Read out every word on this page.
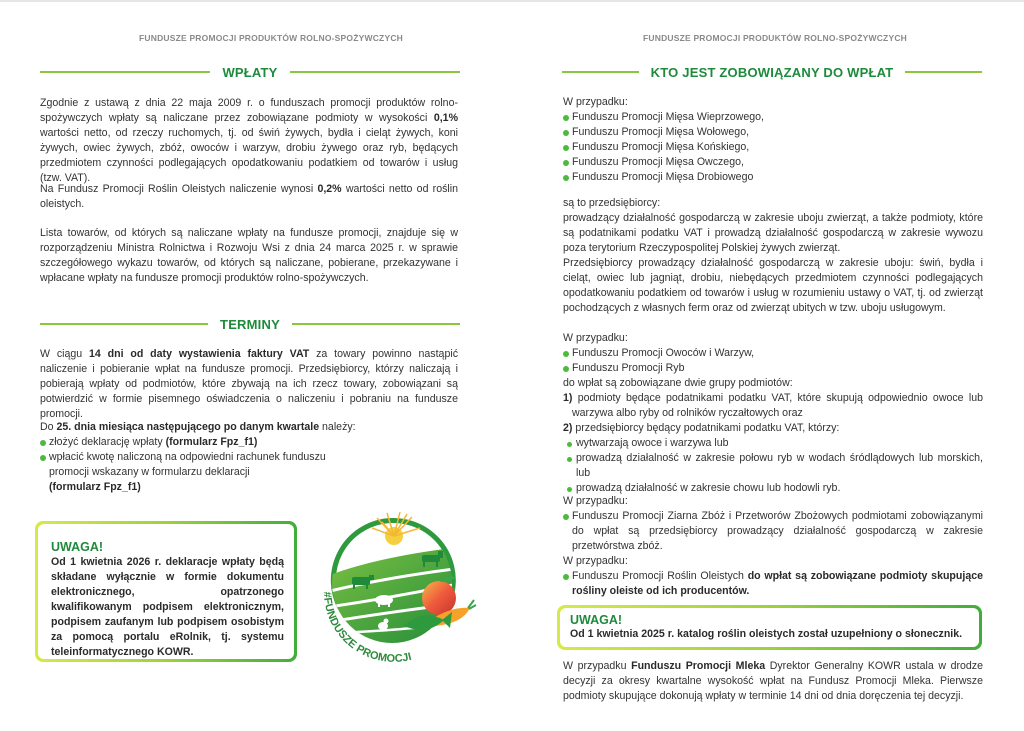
FUNDUSZE PROMOCJI PRODUKTÓW ROLNO-SPOŻYWCZYCH
WPŁATY
Zgodnie z ustawą z dnia 22 maja 2009 r. o funduszach promocji produktów rolno-spożywczych wpłaty są naliczane przez zobowiązane podmioty w wysokości 0,1% wartości netto, od rzeczy ruchomych, tj. od świń żywych, bydła i cieląt żywych, koni żywych, owiec żywych, zbóż, owoców i warzyw, drobiu żywego oraz ryb, będących przedmiotem czynności podlegających opodatkowaniu podatkiem od towarów i usług (tzw. VAT).
Na Fundusz Promocji Roślin Oleistych naliczenie wynosi 0,2% wartości netto od roślin oleistych.
Lista towarów, od których są naliczane wpłaty na fundusze promocji, znajduje się w rozporządzeniu Ministra Rolnictwa i Rozwoju Wsi z dnia 24 marca 2025 r. w sprawie szczegółowego wykazu towarów, od których są naliczane, pobierane, przekazywane i wpłacane wpłaty na fundusze promocji produktów rolno-spożywczych.
TERMINY
W ciągu 14 dni od daty wystawienia faktury VAT za towary powinno nastąpić naliczenie i pobieranie wpłat na fundusze promocji. Przedsiębiorcy, którzy naliczają i pobierają wpłaty od podmiotów, które zbywają na ich rzecz towary, zobowiązani są potwierdzić w formie pisemnego oświadczenia o naliczeniu i pobraniu na fundusze promocji.
Do 25. dnia miesiąca następującego po danym kwartale należy:
złożyć deklarację wpłaty (formularz Fpz_f1)
wpłacić kwotę naliczoną na odpowiedni rachunek funduszu promocji wskazany w formularzu deklaracji
(formularz Fpz_f1)
UWAGA!
Od 1 kwietnia 2026 r. deklaracje wpłaty będą składane wyłącznie w formie dokumentu elektronicznego, opatrzonego kwalifikowanym podpisem elektronicznym, podpisem zaufanym lub podpisem osobistym za pomocą portalu eRolnik, tj. systemu teleinformatycznego KOWR.
#FUNDUSZE PROMOCJI
FUNDUSZE PROMOCJI PRODUKTÓW ROLNO-SPOŻYWCZYCH
KTO JEST ZOBOWIĄZANY DO WPŁAT
W przypadku:
Funduszu Promocji Mięsa Wieprzowego,
Funduszu Promocji Mięsa Wołowego,
Funduszu Promocji Mięsa Końskiego,
Funduszu Promocji Mięsa Owczego,
Funduszu Promocji Mięsa Drobiowego
są to przedsiębiorcy:
prowadzący działalność gospodarczą w zakresie uboju zwierząt, a także podmioty, które są podatnikami podatku VAT i prowadzą działalność gospodarczą w zakresie wywozu poza terytorium Rzeczypospolitej Polskiej żywych zwierząt.
Przedsiębiorcy prowadzący działalność gospodarczą w zakresie uboju: świń, bydła i cieląt, owiec lub jagniąt, drobiu, niebędących przedmiotem czynności podlegających opodatkowaniu podatkiem od towarów i usług w rozumieniu ustawy o VAT, tj. od zwierząt pochodzących z własnych ferm oraz od zwierząt ubitych w tzw. uboju usługowym.
W przypadku:
Funduszu Promocji Owoców i Warzyw,
Funduszu Promocji Ryb
do wpłat są zobowiązane dwie grupy podmiotów:
1) podmioty będące podatnikami podatku VAT, które skupują odpowiednio owoce lub warzywa albo ryby od rolników ryczałtowych oraz
2) przedsiębiorcy będący podatnikami podatku VAT, którzy:
wytwarzają owoce i warzywa lub
prowadzą działalność w zakresie połowu ryb w wodach śródlądowych lub morskich, lub
prowadzą działalność w zakresie chowu lub hodowli ryb.
W przypadku:
Funduszu Promocji Ziarna Zbóż i Przetworów Zbożowych podmiotami zobowiązanymi do wpłat są przedsiębiorcy prowadzący działalność gospodarczą w zakresie przetwórstwa zbóż.
W przypadku:
Funduszu Promocji Roślin Oleistych do wpłat są zobowiązane podmioty skupujące rośliny oleiste od ich producentów.
UWAGA!
Od 1 kwietnia 2025 r. katalog roślin oleistych został uzupełniony o słonecznik.
W przypadku Funduszu Promocji Mleka Dyrektor Generalny KOWR ustala w drodze decyzji za okresy kwartalne wysokość wpłat na Fundusz Promocji Mleka. Pierwsze podmioty skupujące dokonują wpłaty w terminie 14 dni od dnia doręczenia tej decyzji.
